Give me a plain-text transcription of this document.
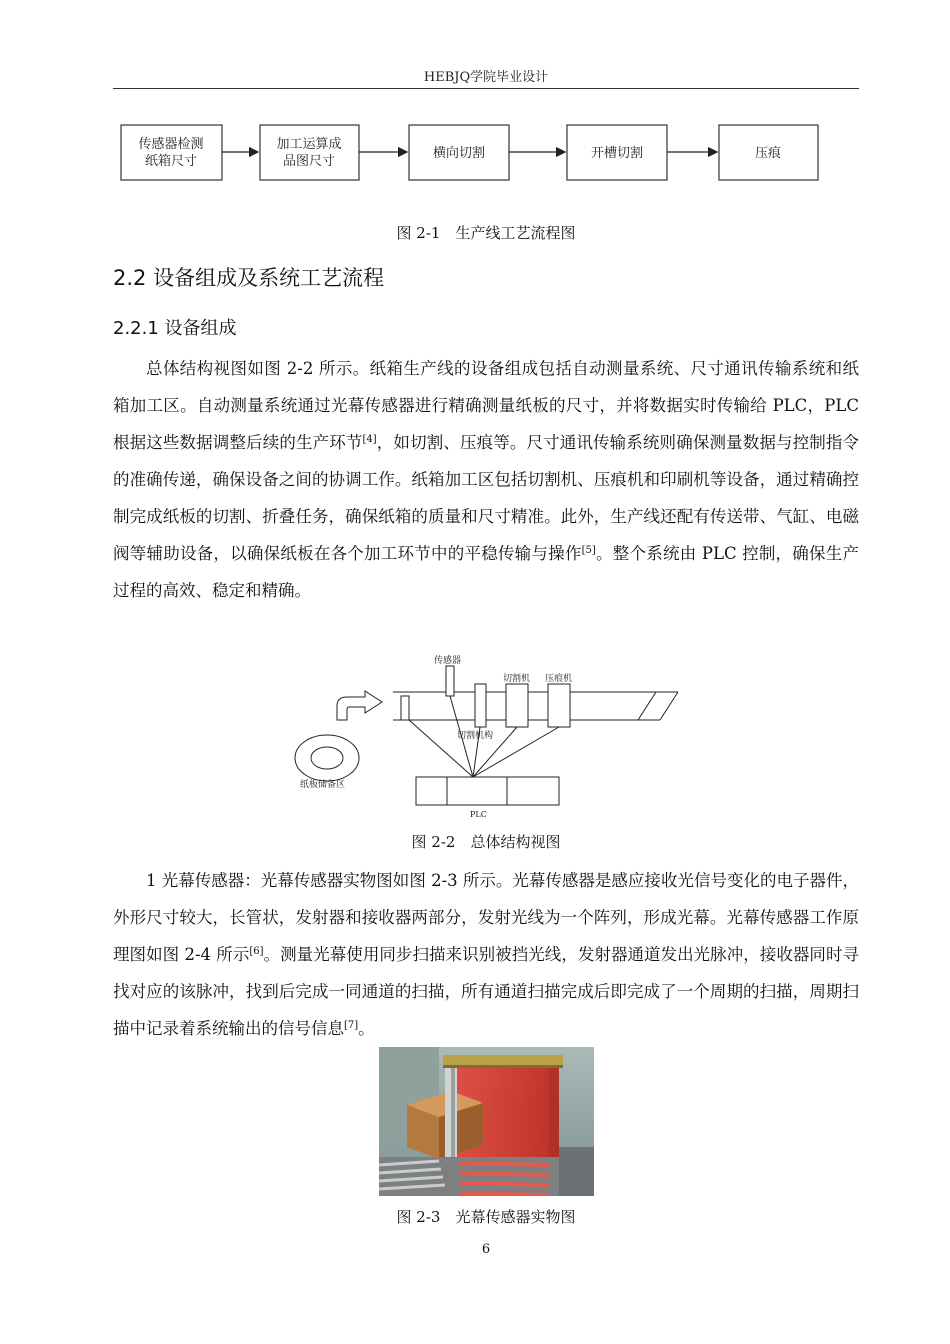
HEBJQ学院毕业设计
传感器检测
纸箱尺寸
加工运算成
品图尺寸
横向切割	开槽切割	压痕
图 2-1　生产线工艺流程图
2.2 设备组成及系统工艺流程
2.2.1 设备组成

总体结构视图如图 2-2 所示。纸箱生产线的设备组成包括自动测量系统、尺寸通讯传输系统和纸箱加工区。自动测量系统通过光幕传感器进行精确测量纸板的尺寸，并将数据实时传输给 PLC，PLC 根据这些数据调整后续的生产环节[4]，如切割、压痕等。尺寸通讯传输系统则确保测量数据与控制指令的准确传递，确保设备之间的协调工作。纸箱加工区包括切割机、压痕机和印刷机等设备，通过精确控制完成纸板的切割、折叠任务，确保纸箱的质量和尺寸精准。此外，生产线还配有传送带、气缸、电磁阀等辅助设备，以确保纸板在各个加工环节中的平稳传输与操作[5]。整个系统由 PLC 控制，确保生产过程的高效、稳定和精确。

传感器
切割机 压痕机
切割机构
纸板储备区
PLC
图 2-2　总体结构视图

1 光幕传感器：光幕传感器实物图如图 2-3 所示。光幕传感器是感应接收光信号变化的电子器件，外形尺寸较大，长管状，发射器和接收器两部分，发射光线为一个阵列，形成光幕。光幕传感器工作原理图如图 2-4 所示[6]。测量光幕使用同步扫描来识别被挡光线，发射器通道发出光脉冲，接收器同时寻找对应的该脉冲，找到后完成一同通道的扫描，所有通道扫描完成后即完成了一个周期的扫描，周期扫描中记录着系统输出的信号信息[7]。

图 2-3　光幕传感器实物图
6
